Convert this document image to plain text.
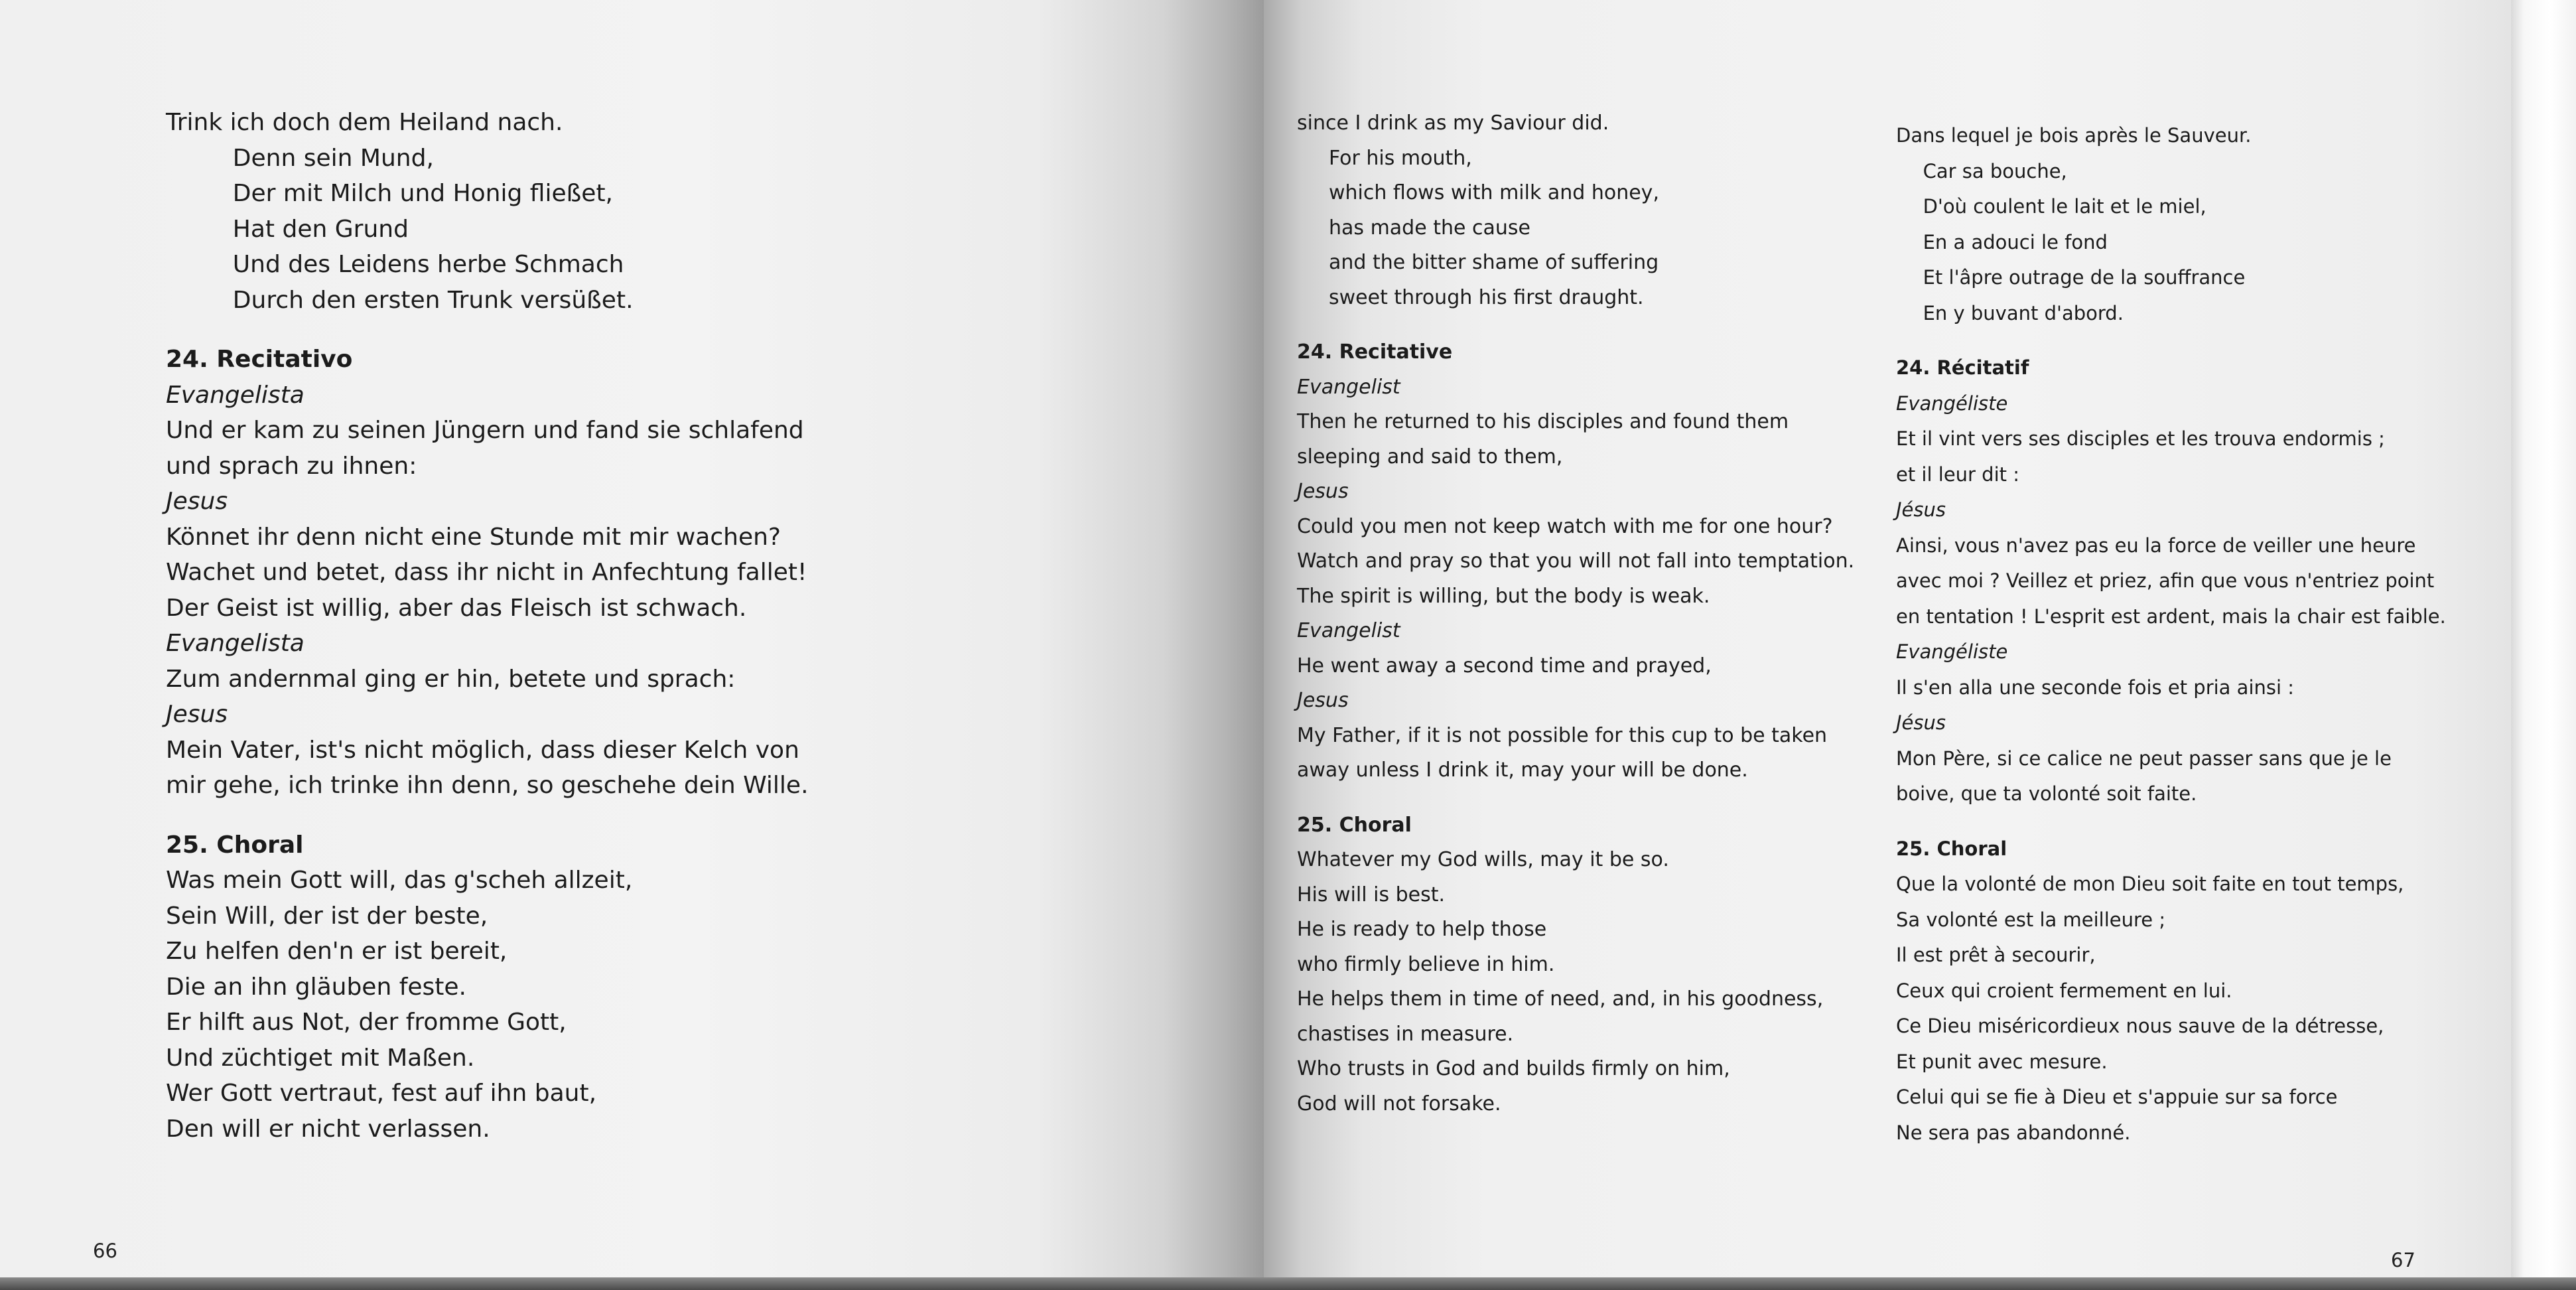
Trink ich doch dem Heiland nach.
Denn sein Mund,
Der mit Milch und Honig fließet,
Hat den Grund
Und des Leidens herbe Schmach
Durch den ersten Trunk versüßet.
24. Recitativo
Evangelista
Und er kam zu seinen Jüngern und fand sie schlafend
und sprach zu ihnen:
Jesus
Könnet ihr denn nicht eine Stunde mit mir wachen?
Wachet und betet, dass ihr nicht in Anfechtung fallet!
Der Geist ist willig, aber das Fleisch ist schwach.
Evangelista
Zum andernmal ging er hin, betete und sprach:
Jesus
Mein Vater, ist's nicht möglich, dass dieser Kelch von
mir gehe, ich trinke ihn denn, so geschehe dein Wille.
25. Choral
Was mein Gott will, das g'scheh allzeit,
Sein Will, der ist der beste,
Zu helfen den'n er ist bereit,
Die an ihn gläuben feste.
Er hilft aus Not, der fromme Gott,
Und züchtiget mit Maßen.
Wer Gott vertraut, fest auf ihn baut,
Den will er nicht verlassen.
66	67
since I drink as my Saviour did.
For his mouth,
which flows with milk and honey,
has made the cause
and the bitter shame of suffering
sweet through his first draught.
24. Recitative
Evangelist
Then he returned to his disciples and found them
sleeping and said to them,
Jesus
Could you men not keep watch with me for one hour?
Watch and pray so that you will not fall into temptation.
The spirit is willing, but the body is weak.
Evangelist
He went away a second time and prayed,
Jesus
My Father, if it is not possible for this cup to be taken
away unless I drink it, may your will be done.
25. Choral
Whatever my God wills, may it be so.
His will is best.
He is ready to help those
who firmly believe in him.
He helps them in time of need, and, in his goodness,
chastises in measure.
Who trusts in God and builds firmly on him,
God will not forsake.
Dans lequel je bois après le Sauveur.
Car sa bouche,
D'où coulent le lait et le miel,
En a adouci le fond
Et l'âpre outrage de la souffrance
En y buvant d'abord.
24. Récitatif
Evangéliste
Et il vint vers ses disciples et les trouva endormis ;
et il leur dit :
Jésus
Ainsi, vous n'avez pas eu la force de veiller une heure
avec moi ? Veillez et priez, afin que vous n'entriez point
en tentation ! L'esprit est ardent, mais la chair est faible.
Evangéliste
Il s'en alla une seconde fois et pria ainsi :
Jésus
Mon Père, si ce calice ne peut passer sans que je le
boive, que ta volonté soit faite.
25. Choral
Que la volonté de mon Dieu soit faite en tout temps,
Sa volonté est la meilleure ;
Il est prêt à secourir,
Ceux qui croient fermement en lui.
Ce Dieu miséricordieux nous sauve de la détresse,
Et punit avec mesure.
Celui qui se fie à Dieu et s'appuie sur sa force
Ne sera pas abandonné.
